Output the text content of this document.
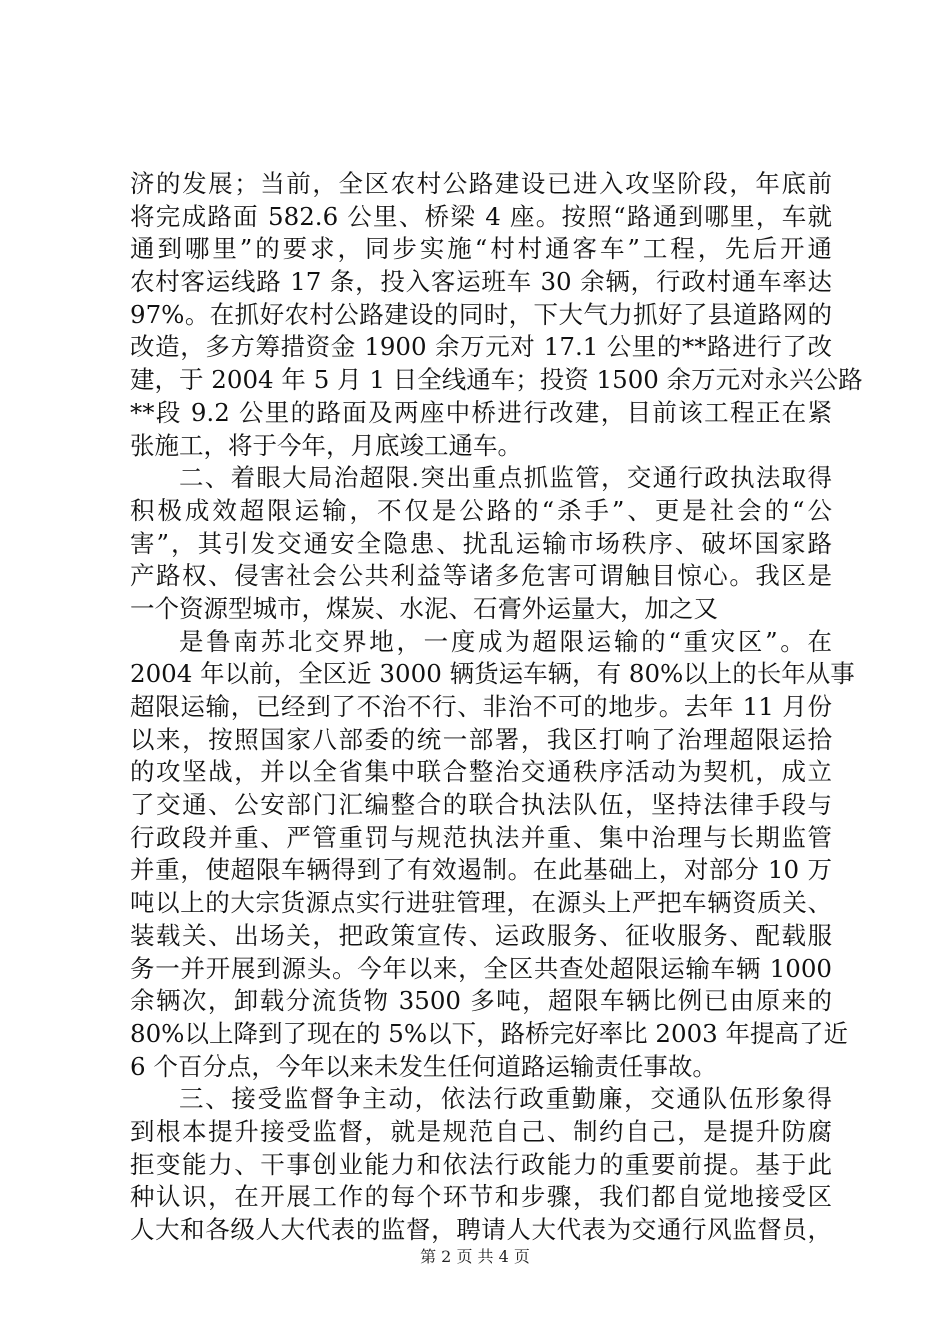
济的发展；当前，全区农村公路建设已进入攻坚阶段，年底前
将完成路面 582.6 公里、桥梁 4 座。按照“路通到哪里，车就
通到哪里”的要求，同步实施“村村通客车”工程，先后开通
农村客运线路 17 条，投入客运班车 30 余辆，行政村通车率达
97%。在抓好农村公路建设的同时，下大气力抓好了县道路网的
改造，多方筹措资金 1900 余万元对 17.1 公里的**路进行了改
建，于 2004 年 5 月 1 日全线通车；投资 1500 余万元对永兴公路
**段 9.2 公里的路面及两座中桥进行改建，目前该工程正在紧
张施工，将于今年，月底竣工通车。
二、着眼大局治超限.突出重点抓监管，交通行政执法取得
积极成效超限运输，不仅是公路的“杀手”、更是社会的“公
害”，其引发交通安全隐患、扰乱运输市场秩序、破坏国家路
产路权、侵害社会公共利益等诸多危害可谓触目惊心。我区是
一个资源型城市，煤炭、水泥、石膏外运量大，加之又
是鲁南苏北交界地，一度成为超限运输的“重灾区”。在
2004 年以前，全区近 3000 辆货运车辆，有 80%以上的长年从事
超限运输，已经到了不治不行、非治不可的地步。去年 11 月份
以来，按照国家八部委的统一部署，我区打响了治理超限运拾
的攻坚战，并以全省集中联合整治交通秩序活动为契机，成立
了交通、公安部门汇编整合的联合执法队伍，坚持法律手段与
行政段并重、严管重罚与规范执法并重、集中治理与长期监管
并重，使超限车辆得到了有效遏制。在此基础上，对部分 10 万
吨以上的大宗货源点实行进驻管理，在源头上严把车辆资质关、
装载关、出场关，把政策宣传、运政服务、征收服务、配载服
务一并开展到源头。今年以来，全区共查处超限运输车辆 1000
余辆次，卸载分流货物 3500 多吨，超限车辆比例已由原来的
80%以上降到了现在的 5%以下，路桥完好率比 2003 年提高了近
6 个百分点，今年以来未发生任何道路运输责任事故。
三、接受监督争主动，依法行政重勤廉，交通队伍形象得
到根本提升接受监督，就是规范自己、制约自己，是提升防腐
拒变能力、干事创业能力和依法行政能力的重要前提。基于此
种认识，在开展工作的每个环节和步骤，我们都自觉地接受区
人大和各级人大代表的监督，聘请人大代表为交通行风监督员，
第 2 页 共 4 页
